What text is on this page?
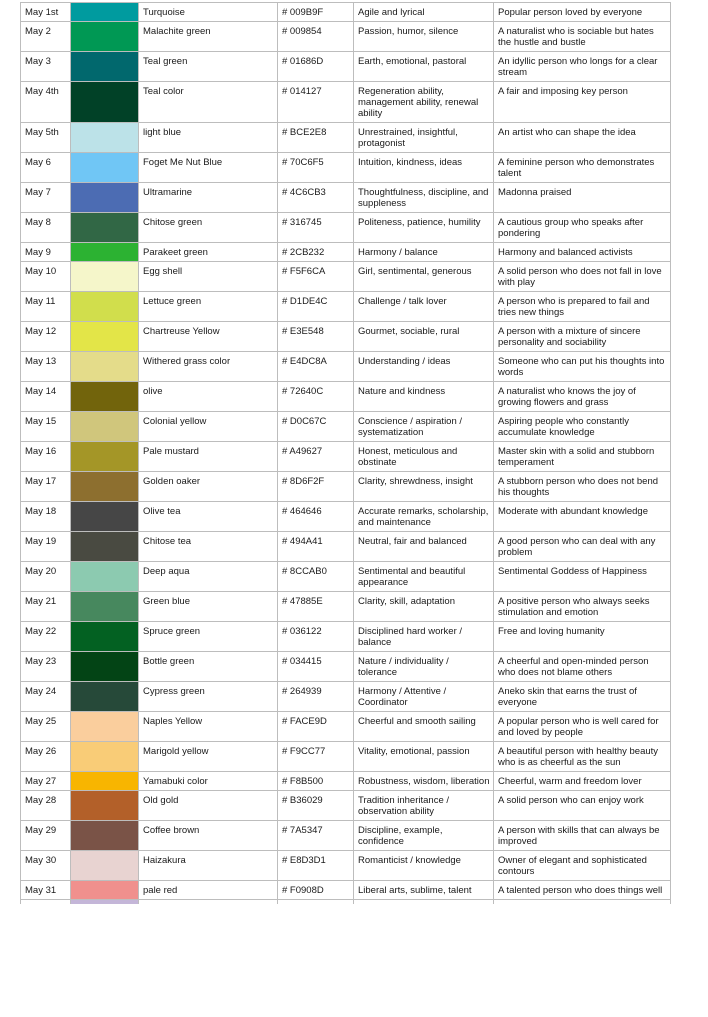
May 1st		Turquoise	# 009B9F	Agile and lyrical	Popular person loved by everyone
May 2		Malachite green	# 009854	Passion, humor, silence	A naturalist who is sociable but hates the hustle and bustle
May 3		Teal green	# 01686D	Earth, emotional, pastoral	An idyllic person who longs for a clear stream
May 4th		Teal color	# 014127	Regeneration ability, management ability, renewal ability	A fair and imposing key person
May 5th		light blue	# BCE2E8	Unrestrained, insightful, protagonist	An artist who can shape the idea
May 6		Foget Me Nut Blue	# 70C6F5	Intuition, kindness, ideas	A feminine person who demonstrates talent
May 7		Ultramarine	# 4C6CB3	Thoughtfulness, discipline, and suppleness	Madonna praised
May 8		Chitose green	# 316745	Politeness, patience, humility	A cautious group who speaks after pondering
May 9		Parakeet green	# 2CB232	Harmony / balance	Harmony and balanced activists
May 10		Egg shell	# F5F6CA	Girl, sentimental, generous	A solid person who does not fall in love with play
May 11		Lettuce green	# D1DE4C	Challenge / talk lover	A person who is prepared to fail and tries new things
May 12		Chartreuse Yellow	# E3E548	Gourmet, sociable, rural	A person with a mixture of sincere personality and sociability
May 13		Withered grass color	# E4DC8A	Understanding / ideas	Someone who can put his thoughts into words
May 14		olive	# 72640C	Nature and kindness	A naturalist who knows the joy of growing flowers and grass
May 15		Colonial yellow	# D0C67C	Conscience / aspiration / systematization	Aspiring people who constantly accumulate knowledge
May 16		Pale mustard	# A49627	Honest, meticulous and obstinate	Master skin with a solid and stubborn temperament
May 17		Golden oaker	# 8D6F2F	Clarity, shrewdness, insight	A stubborn person who does not bend his thoughts
May 18		Olive tea	# 464646	Accurate remarks, scholarship, and maintenance	Moderate with abundant knowledge
May 19		Chitose tea	# 494A41	Neutral, fair and balanced	A good person who can deal with any problem
May 20		Deep aqua	# 8CCAB0	Sentimental and beautiful appearance	Sentimental Goddess of Happiness
May 21		Green blue	# 47885E	Clarity, skill, adaptation	A positive person who always seeks stimulation and emotion
May 22		Spruce green	# 036122	Disciplined hard worker / balance	Free and loving humanity
May 23		Bottle green	# 034415	Nature / individuality / tolerance	A cheerful and open-minded person who does not blame others
May 24		Cypress green	# 264939	Harmony / Attentive / Coordinator	Aneko skin that earns the trust of everyone
May 25		Naples Yellow	# FACE9D	Cheerful and smooth sailing	A popular person who is well cared for and loved by people
May 26		Marigold yellow	# F9CC77	Vitality, emotional, passion	A beautiful person with healthy beauty who is as cheerful as the sun
May 27		Yamabuki color	# F8B500	Robustness, wisdom, liberation	Cheerful, warm and freedom lover
May 28		Old gold	# B36029	Tradition inheritance / observation ability	A solid person who can enjoy work
May 29		Coffee brown	# 7A5347	Discipline, example, confidence	A person with skills that can always be improved
May 30		Haizakura	# E8D3D1	Romanticist / knowledge	Owner of elegant and sophisticated contours
May 31		pale red	# F0908D	Liberal arts, sublime, talent	A talented person who does things well
